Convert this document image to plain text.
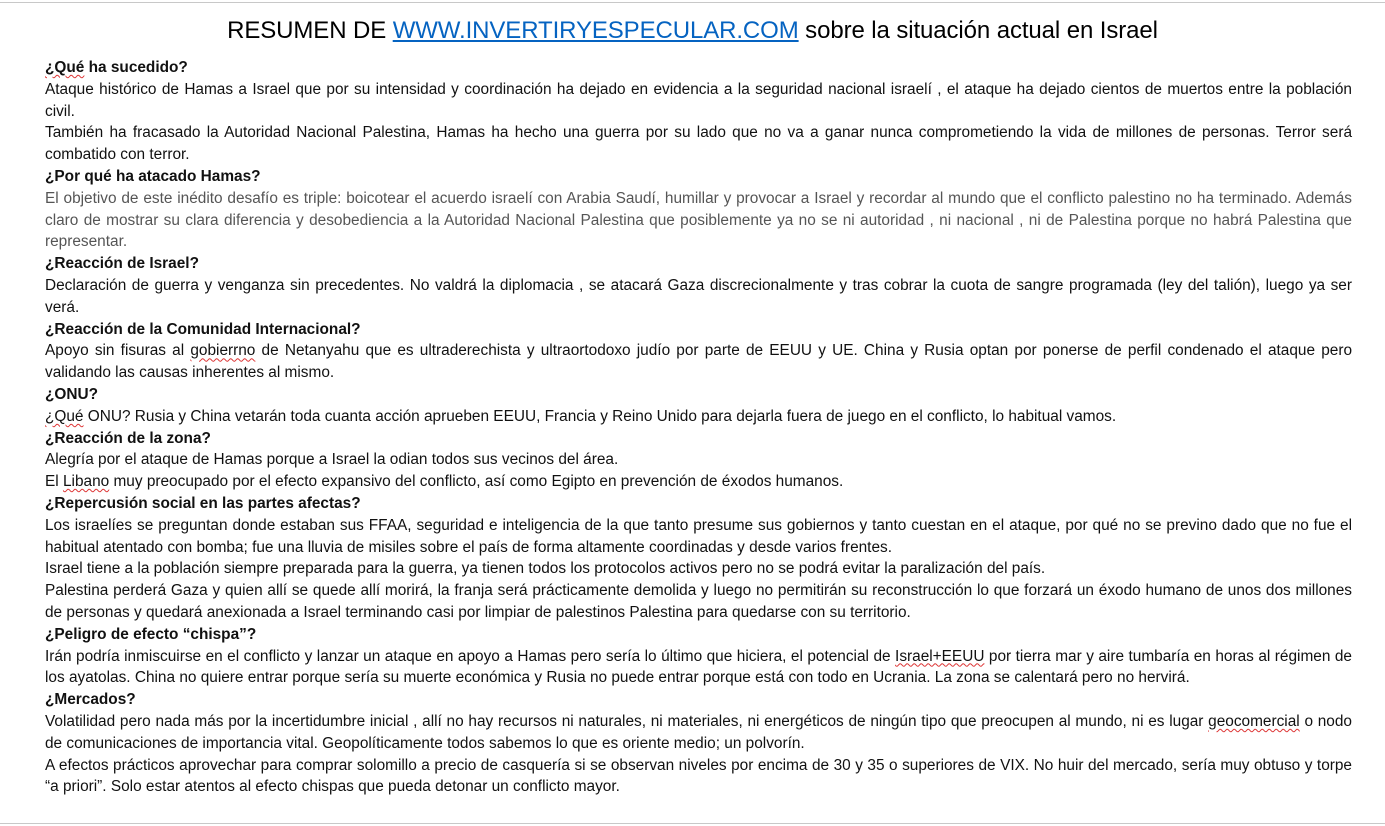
RESUMEN DE WWW.INVERTIRYESPECULAR.COM sobre la situación actual en Israel

¿Qué ha sucedido?

Ataque histórico de Hamas a Israel que por su intensidad y coordinación ha dejado en evidencia a la seguridad nacional israelí , el ataque ha dejado cientos de muertos entre la población civil.

También ha fracasado la Autoridad Nacional Palestina, Hamas ha hecho una guerra por su lado que no va a ganar nunca comprometiendo la vida de millones de personas. Terror será combatido con terror.

¿Por qué ha atacado Hamas?

El objetivo de este inédito desafío es triple: boicotear el acuerdo israelí con Arabia Saudí, humillar y provocar a Israel y recordar al mundo que el conflicto palestino no ha terminado. Además claro de mostrar su clara diferencia y desobediencia a la Autoridad Nacional Palestina que posiblemente ya no se ni autoridad , ni nacional , ni de Palestina porque no habrá Palestina que representar.

¿Reacción de Israel?

Declaración de guerra y venganza sin precedentes. No valdrá la diplomacia , se atacará Gaza discrecionalmente y tras cobrar la cuota de sangre programada (ley del talión), luego ya ser verá.

¿Reacción de la Comunidad Internacional?

Apoyo sin fisuras al gobierrno de Netanyahu que es ultraderechista y ultraortodoxo judío por parte de EEUU y UE. China y Rusia optan por ponerse de perfil condenado el ataque pero validando las causas inherentes al mismo.

¿ONU?

¿Qué ONU? Rusia y China vetarán toda cuanta acción aprueben EEUU, Francia y Reino Unido para dejarla fuera de juego en el conflicto, lo habitual vamos.

¿Reacción de la zona?

Alegría por el ataque de Hamas porque a Israel la odian todos sus vecinos del área.

El Libano muy preocupado por el efecto expansivo del conflicto, así como Egipto en prevención de éxodos humanos.

¿Repercusión social en las partes afectas?

Los israelíes se preguntan donde estaban sus FFAA, seguridad e inteligencia de la que tanto presume sus gobiernos y tanto cuestan en el ataque, por qué no se previno dado que no fue el habitual atentado con bomba; fue una lluvia de misiles sobre el país de forma altamente coordinadas y desde varios frentes.

Israel tiene a la población siempre preparada para la guerra, ya tienen todos los protocolos activos pero no se podrá evitar la paralización del país.

Palestina perderá Gaza y quien allí se quede allí morirá, la franja será prácticamente demolida y luego no permitirán su reconstrucción lo que forzará un éxodo humano de unos dos millones de personas y quedará anexionada a Israel terminando casi por limpiar de palestinos Palestina para quedarse con su territorio.

¿Peligro de efecto “chispa”?

Irán podría inmiscuirse en el conflicto y lanzar un ataque en apoyo a Hamas pero sería lo último que hiciera, el potencial de Israel+EEUU por tierra mar y aire tumbaría en horas al régimen de los ayatolas. China no quiere entrar porque sería su muerte económica y Rusia no puede entrar porque está con todo en Ucrania. La zona se calentará pero no hervirá.

¿Mercados?

Volatilidad pero nada más por la incertidumbre inicial , allí no hay recursos ni naturales, ni materiales, ni energéticos de ningún tipo que preocupen al mundo, ni es lugar geocomercial o nodo de comunicaciones de importancia vital. Geopolíticamente todos sabemos lo que es oriente medio; un polvorín.

A efectos prácticos aprovechar para comprar solomillo a precio de casquería si se observan niveles por encima de 30 y 35 o superiores de VIX. No huir del mercado, sería muy obtuso y torpe “a priori”. Solo estar atentos al efecto chispas que pueda detonar un conflicto mayor.
